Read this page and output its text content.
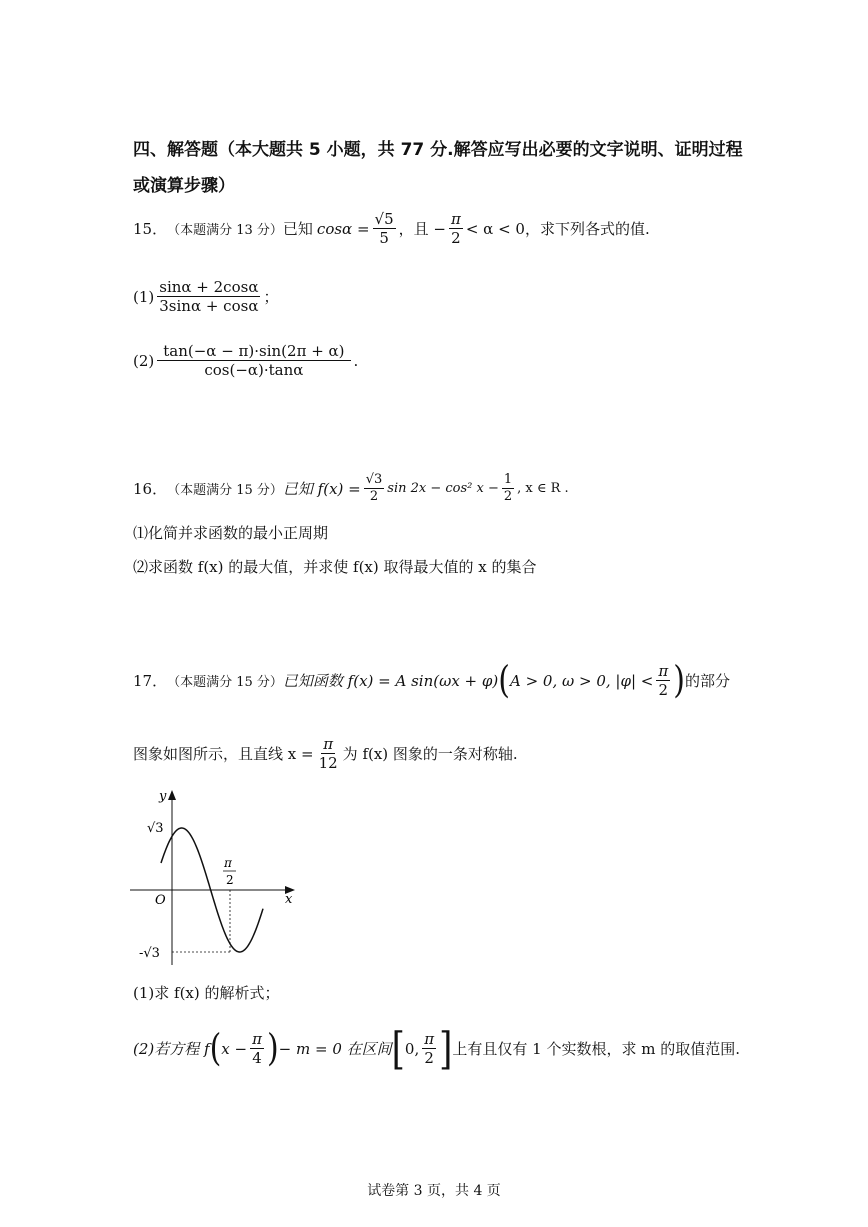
四、解答题（本大题共 5 小题，共 77 分.解答应写出必要的文字说明、证明过程或演算步骤）
15． （本题满分 13 分） 已知 $\cos\alpha = \frac{√5}{5}$ ，且 − $\frac{\pi}{2} < \alpha < 0$，求下列各式的值.
$(1) \frac{\sin\alpha + 2\cos\alpha}{3\sin\alpha + \cos\alpha}$ ；
$(2) \frac{\tan(-\alpha - \pi)\cdot\sin(2\pi + \alpha)}{\cos(-\alpha)\cdot\tan\alpha}$ .
16． （本题满分 15 分） 已知 $f(x) = \frac{√3}{2}$ sin 2x − cos² $x - \frac{1}{2}$ , x ∈ R .
⑴化简并求函数的最小正周期
⑵求函数 f(x) 的最大值，并求使 f(x) 取得最大值的 x 的集合
17． （本题满分 15 分） 已知函数 f(x) = A sin(ωx + φ) ( A > 0, ω > 0, $|\varphi| < \frac{\pi}{2}$ ) 的部分
图象如图所示，且直线 $x = \frac{\pi}{12}$ 为 f(x) 图象的一条对称轴.
y
x
O
√3
-√3
π
2
(1)求 f(x) 的解析式；
(2)若方程 f ( $x - \frac{\pi}{4}$ ) − m = 0 在区间 [ 0, $\frac{\pi}{2}$ ] 上有且仅有 1 个实数根，求 m 的取值范围.
试卷第 3 页，共 4 页
